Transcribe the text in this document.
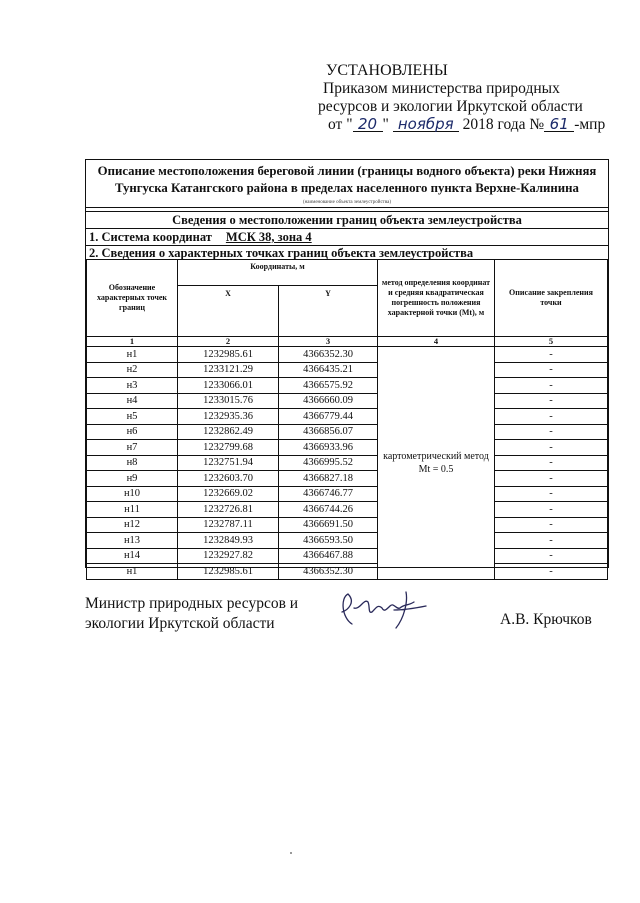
УСТАНОВЛЕНЫ
Приказом министерства природных
ресурсов и экологии Иркутской области
от " 20 " ноября 2018 года № 61 -мпр
Описание местоположения береговой линии (границы водного объекта) реки Нижняя
Тунгуска Катангского района в пределах населенного пункта Верхне-Калинина
(наименование объекта землеустройства)
Сведения о местоположении границ объекта землеустройства
1. Система координат МСК 38, зона 4
2. Сведения о характерных точках границ объекта землеустройства
Обозначение характерных точек границ	Координаты, м		метод определения координат и средняя квадратическая погрешность положения характерной точки (Mt), м	Описание закрепления точки
	X	Y		
1	2	3	4	5
н1	1232985.61	4366352.30	картометрический метод Mt = 0.5	-
н2	1233121.29	4366435.21		-
н3	1233066.01	4366575.92		-
н4	1233015.76	4366660.09		-
н5	1232935.36	4366779.44		-
н6	1232862.49	4366856.07		-
н7	1232799.68	4366933.96		-
н8	1232751.94	4366995.52		-
н9	1232603.70	4366827.18		-
н10	1232669.02	4366746.77		-
н11	1232726.81	4366744.26		-
н12	1232787.11	4366691.50		-
н13	1232849.93	4366593.50		-
н14	1232927.82	4366467.88		-
н1	1232985.61	4366352.30		-
Министр природных ресурсов и
экологии Иркутской области	А.В. Крючков
